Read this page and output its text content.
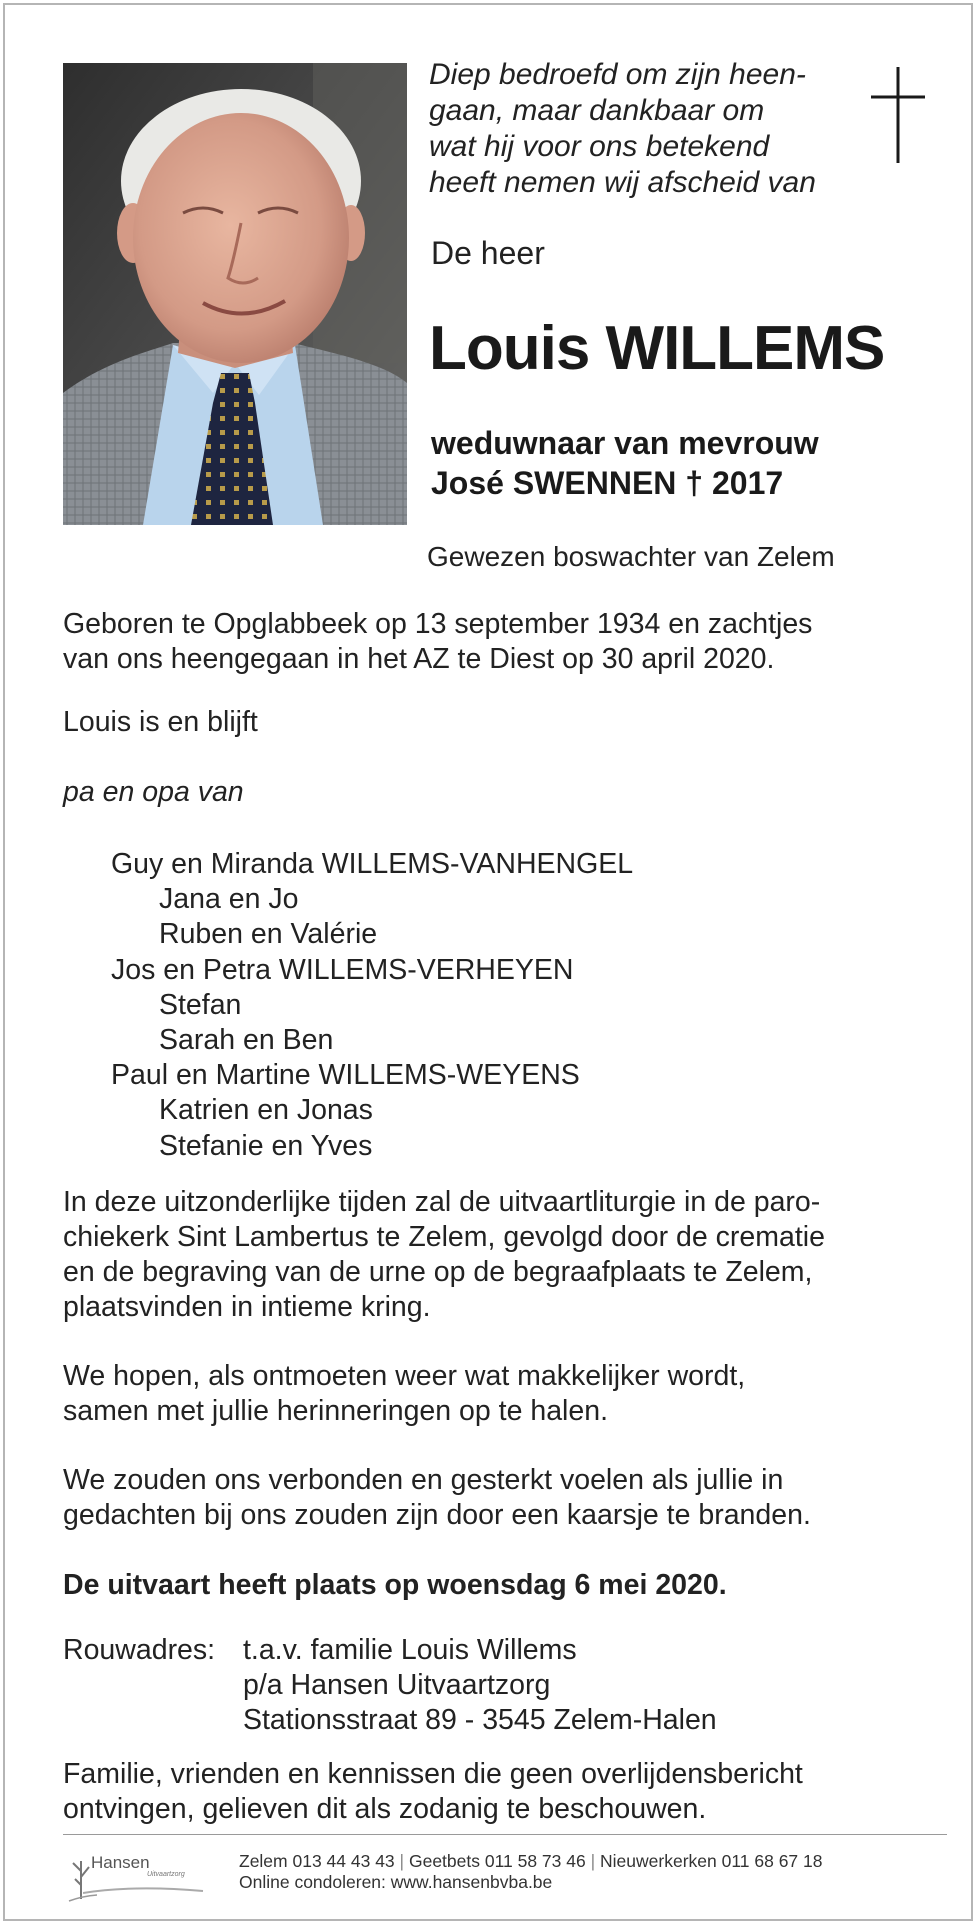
Diep bedroefd om zijn heen-
gaan, maar dankbaar om
wat hij voor ons betekend
heeft nemen wij afscheid van
De heer
Louis WILLEMS
weduwnaar van mevrouw
José SWENNEN † 2017
Gewezen boswachter van Zelem
Geboren te Opglabbeek op 13 september 1934 en zachtjes
van ons heengegaan in het AZ te Diest op 30 april 2020.
Louis is en blijft
pa en opa van
Guy en Miranda WILLEMS-VANHENGEL
Jana en Jo
Ruben en Valérie
Jos en Petra WILLEMS-VERHEYEN
Stefan
Sarah en Ben
Paul en Martine WILLEMS-WEYENS
Katrien en Jonas
Stefanie en Yves
In deze uitzonderlijke tijden zal de uitvaartliturgie in de paro-
chiekerk Sint Lambertus te Zelem, gevolgd door de crematie
en de begraving van de urne op de begraafplaats te Zelem,
plaatsvinden in intieme kring.
We hopen, als ontmoeten weer wat makkelijker wordt,
samen met jullie herinneringen op te halen.
We zouden ons verbonden en gesterkt voelen als jullie in
gedachten bij ons zouden zijn door een kaarsje te branden.
De uitvaart heeft plaats op woensdag 6 mei 2020.
Rouwadres: t.a.v. familie Louis Willems
p/a Hansen Uitvaartzorg
Stationsstraat 89 - 3545 Zelem-Halen
Familie, vrienden en kennissen die geen overlijdensbericht
ontvingen, gelieven dit als zodanig te beschouwen.
Hansen
Uitvaartzorg
Zelem 013 44 43 43 | Geetbets 011 58 73 46 | Nieuwerkerken 011 68 67 18
Online condoleren: www.hansenbvba.be
